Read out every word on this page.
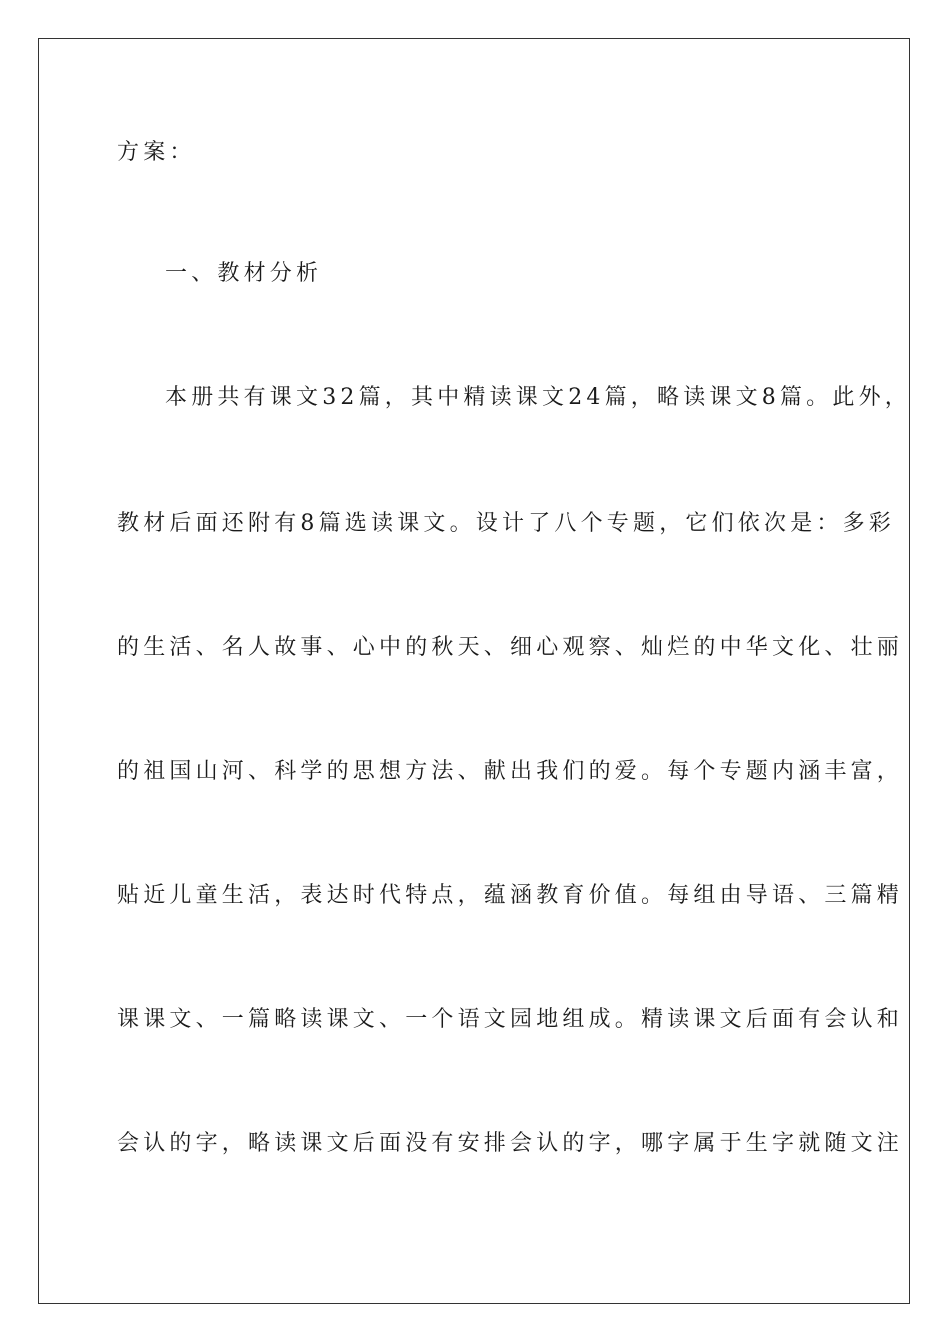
方案：
一、教材分析
本册共有课文32篇，其中精读课文24篇，略读课文8篇。此外，
教材后面还附有8篇选读课文。设计了八个专题，它们依次是：多彩
的生活、名人故事、心中的秋天、细心观察、灿烂的中华文化、壮丽
的祖国山河、科学的思想方法、献出我们的爱。每个专题内涵丰富，
贴近儿童生活，表达时代特点，蕴涵教育价值。每组由导语、三篇精
课课文、一篇略读课文、一个语文园地组成。精读课文后面有会认和
会认的字，略读课文后面没有安排会认的字，哪字属于生字就随文注
